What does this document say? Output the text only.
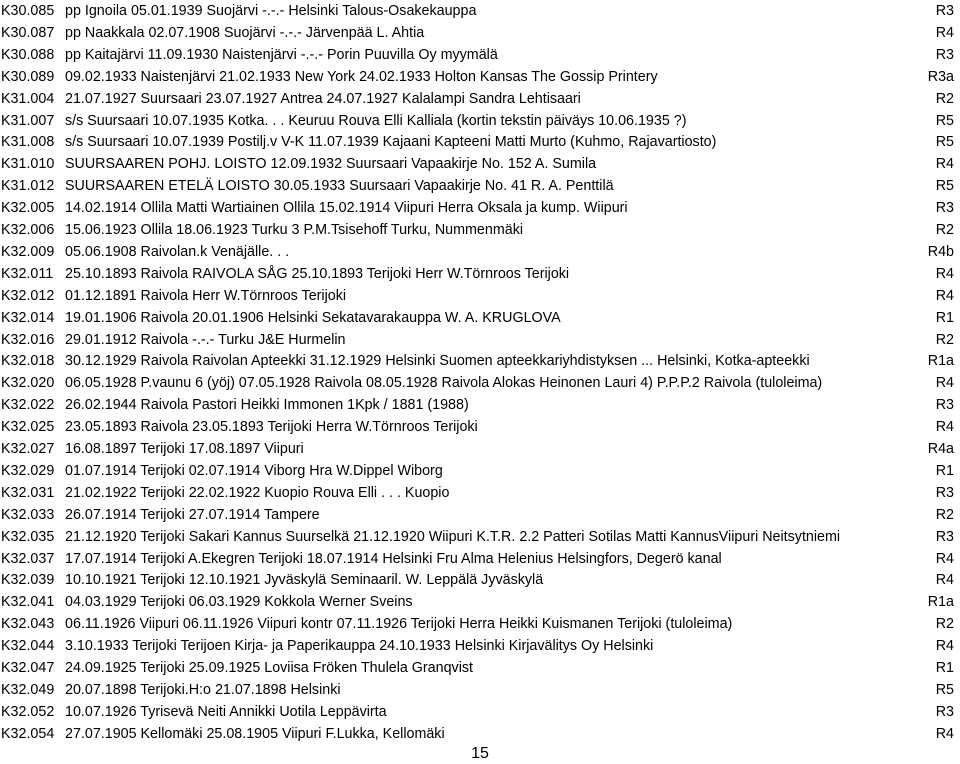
K30.085 pp Ignoila 05.01.1939 Suojärvi -.-.- Helsinki Talous-Osakekauppa	R3
K30.087 pp Naakkala 02.07.1908 Suojärvi -.-.- Järvenpää L. Ahtia	R4
K30.088 pp Kaitajärvi 11.09.1930 Naistenjärvi -.-.- Porin Puuvilla Oy myymälä	R3
K30.089 09.02.1933 Naistenjärvi 21.02.1933 New York 24.02.1933 Holton Kansas The Gossip Printery	R3a
K31.004 21.07.1927 Suursaari 23.07.1927 Antrea 24.07.1927 Kalalampi Sandra Lehtisaari	R2
K31.007 s/s Suursaari 10.07.1935 Kotka. . . Keuruu Rouva Elli Kalliala (kortin tekstin päiväys 10.06.1935 ?)	R5
K31.008 s/s Suursaari 10.07.1939 Postilj.v V-K 11.07.1939 Kajaani Kapteeni Matti Murto (Kuhmo, Rajavartiosto)	R5
K31.010 SUURSAAREN POHJ. LOISTO 12.09.1932 Suursaari Vapaakirje No. 152 A. Sumila	R4
K31.012 SUURSAAREN ETELÄ LOISTO 30.05.1933 Suursaari Vapaakirje No. 41 R. A. Penttilä	R5
K32.005 14.02.1914 Ollila Matti Wartiainen Ollila 15.02.1914 Viipuri Herra Oksala ja kump. Wiipuri	R3
K32.006 15.06.1923 Ollila 18.06.1923 Turku 3 P.M.Tsisehoff Turku, Nummenmäki	R2
K32.009 05.06.1908 Raivolan.k Venäjälle. . .	R4b
K32.011 25.10.1893 Raivola RAIVOLA SÅG 25.10.1893 Terijoki Herr W.Törnroos Terijoki	R4
K32.012 01.12.1891 Raivola Herr W.Törnroos Terijoki	R4
K32.014 19.01.1906 Raivola 20.01.1906 Helsinki Sekatavarakauppa W. A. KRUGLOVA	R1
K32.016 29.01.1912 Raivola -.-.- Turku J&E Hurmelin	R2
K32.018 30.12.1929 Raivola Raivolan Apteekki 31.12.1929 Helsinki Suomen apteekkariyhdistyksen ... Helsinki, Kotka-apteekki	R1a
K32.020 06.05.1928 P.vaunu 6 (yöj) 07.05.1928 Raivola 08.05.1928 Raivola Alokas Heinonen Lauri 4) P.P.P.2 Raivola (tuloleima)	R4
K32.022 26.02.1944 Raivola Pastori Heikki Immonen 1Kpk / 1881 (1988)	R3
K32.025 23.05.1893 Raivola 23.05.1893 Terijoki Herra W.Törnroos Terijoki	R4
K32.027 16.08.1897 Terijoki 17.08.1897 Viipuri	R4a
K32.029 01.07.1914 Terijoki 02.07.1914 Viborg Hra W.Dippel Wiborg	R1
K32.031 21.02.1922 Terijoki 22.02.1922 Kuopio Rouva Elli . . . Kuopio	R3
K32.033 26.07.1914 Terijoki 27.07.1914 Tampere	R2
K32.035 21.12.1920 Terijoki Sakari Kannus Suurselkä 21.12.1920 Wiipuri K.T.R. 2.2 Patteri Sotilas Matti KannusViipuri Neitsytniemi	R3
K32.037 17.07.1914 Terijoki A.Ekegren Terijoki 18.07.1914 Helsinki Fru Alma Helenius Helsingfors, Degerö kanal	R4
K32.039 10.10.1921 Terijoki 12.10.1921 Jyväskylä Seminaaril. W. Leppälä Jyväskylä	R4
K32.041 04.03.1929 Terijoki 06.03.1929 Kokkola Werner Sveins	R1a
K32.043 06.11.1926 Viipuri 06.11.1926 Viipuri kontr 07.11.1926 Terijoki Herra Heikki Kuismanen Terijoki (tuloleima)	R2
K32.044 3.10.1933 Terijoki Terijoen Kirja- ja Paperikauppa 24.10.1933 Helsinki Kirjavälitys Oy Helsinki	R4
K32.047 24.09.1925 Terijoki 25.09.1925 Loviisa Fröken Thulela Granqvist	R1
K32.049 20.07.1898 Terijoki.H:o 21.07.1898 Helsinki	R5
K32.052 10.07.1926 Tyrisevä Neiti Annikki Uotila Leppävirta	R3
K32.054 27.07.1905 Kellomäki 25.08.1905 Viipuri F.Lukka, Kellomäki	R4
15
